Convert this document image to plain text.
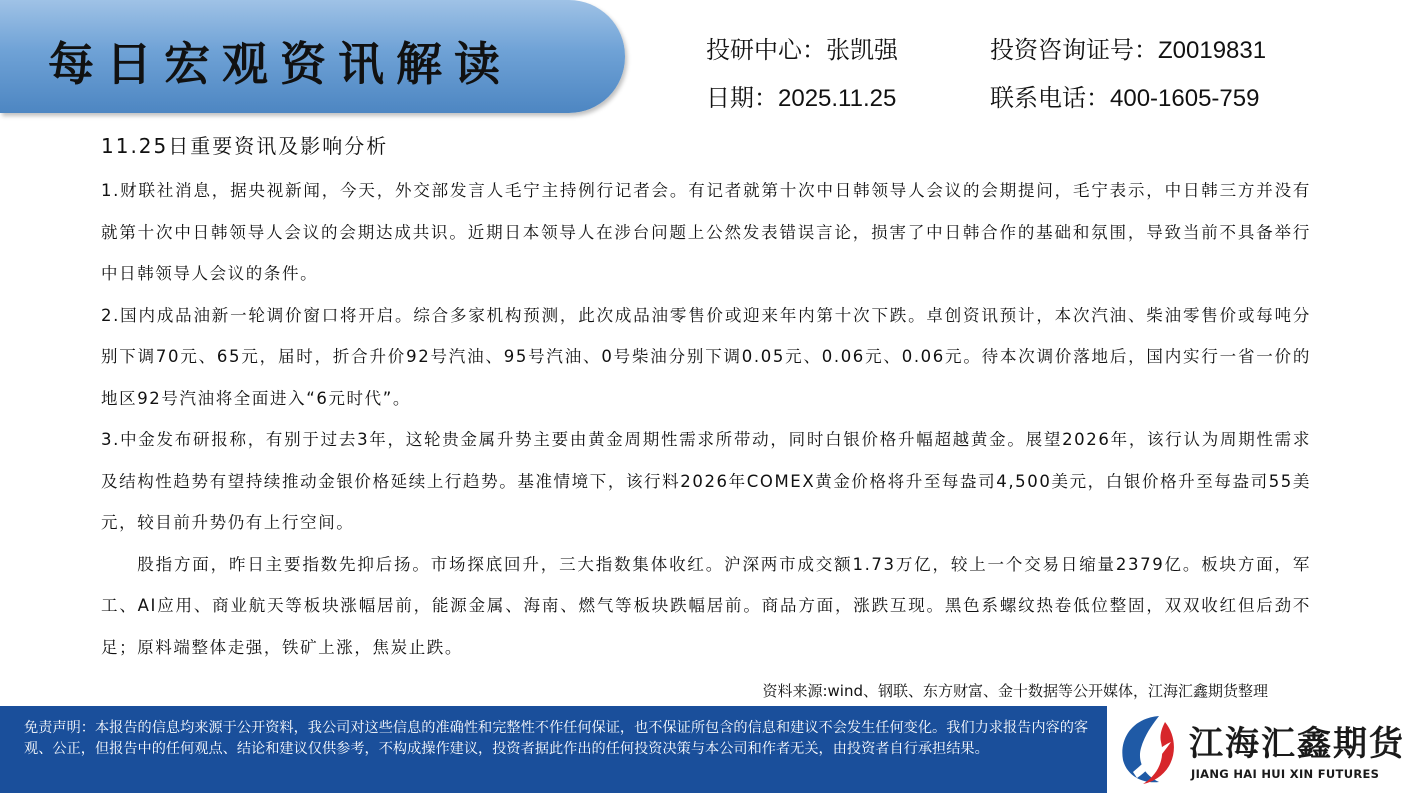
每日宏观资讯解读	投研中心：张凯强	投资咨询证号：Z0019831
日期：2025.11.25	联系电话：400-1605-759
11.25日重要资讯及影响分析

1.财联社消息，据央视新闻，今天，外交部发言人毛宁主持例行记者会。有记者就第十次中日韩领导人会议的会期提问，毛宁表示，中日韩三方并没有就第十次中日韩领导人会议的会期达成共识。近期日本领导人在涉台问题上公然发表错误言论，损害了中日韩合作的基础和氛围，导致当前不具备举行中日韩领导人会议的条件。

2.国内成品油新一轮调价窗口将开启。综合多家机构预测，此次成品油零售价或迎来年内第十次下跌。卓创资讯预计，本次汽油、柴油零售价或每吨分别下调70元、65元，届时，折合升价92号汽油、95号汽油、0号柴油分别下调0.05元、0.06元、0.06元。待本次调价落地后，国内实行一省一价的地区92号汽油将全面进入“6元时代”。

3.中金发布研报称，有别于过去3年，这轮贵金属升势主要由黄金周期性需求所带动，同时白银价格升幅超越黄金。展望2026年，该行认为周期性需求及结构性趋势有望持续推动金银价格延续上行趋势。基准情境下，该行料2026年COMEX黄金价格将升至每盎司4,500美元，白银价格升至每盎司55美元，较目前升势仍有上行空间。

股指方面，昨日主要指数先抑后扬。市场探底回升，三大指数集体收红。沪深两市成交额1.73万亿，较上一个交易日缩量2379亿。板块方面，军工、AI应用、商业航天等板块涨幅居前，能源金属、海南、燃气等板块跌幅居前。商品方面，涨跌互现。黑色系螺纹热卷低位整固，双双收红但后劲不足；原料端整体走强，铁矿上涨，焦炭止跌。

资料来源:wind、钢联、东方财富、金十数据等公开媒体，江海汇鑫期货整理
免责声明：本报告的信息均来源于公开资料，我公司对这些信息的准确性和完整性不作任何保证，也不保证所包含的信息和建议不会发生任何变化。我们力求报告内容的客观、公正，但报告中的任何观点、结论和建议仅供参考，不构成操作建议，投资者据此作出的任何投资决策与本公司和作者无关，由投资者自行承担结果。	江海汇鑫期货
JIANG HAI HUI XIN FUTURES
